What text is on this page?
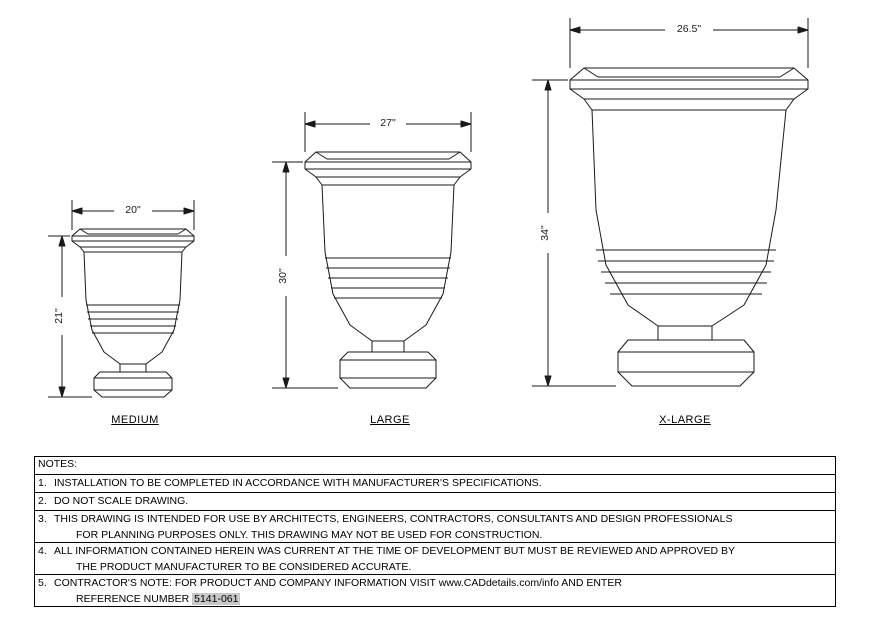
20"
21"
27"
30"
26.5"
34"
MEDIUM	LARGE	X-LARGE
NOTES:
1. INSTALLATION TO BE COMPLETED IN ACCORDANCE WITH MANUFACTURER'S SPECIFICATIONS.
2. DO NOT SCALE DRAWING.
3. THIS DRAWING IS INTENDED FOR USE BY ARCHITECTS, ENGINEERS, CONTRACTORS, CONSULTANTS AND DESIGN PROFESSIONALS
FOR PLANNING PURPOSES ONLY. THIS DRAWING MAY NOT BE USED FOR CONSTRUCTION.
4. ALL INFORMATION CONTAINED HEREIN WAS CURRENT AT THE TIME OF DEVELOPMENT BUT MUST BE REVIEWED AND APPROVED BY
THE PRODUCT MANUFACTURER TO BE CONSIDERED ACCURATE.
5. CONTRACTOR'S NOTE: FOR PRODUCT AND COMPANY INFORMATION VISIT www.CADdetails.com/info AND ENTER
REFERENCE NUMBER 5141-061
